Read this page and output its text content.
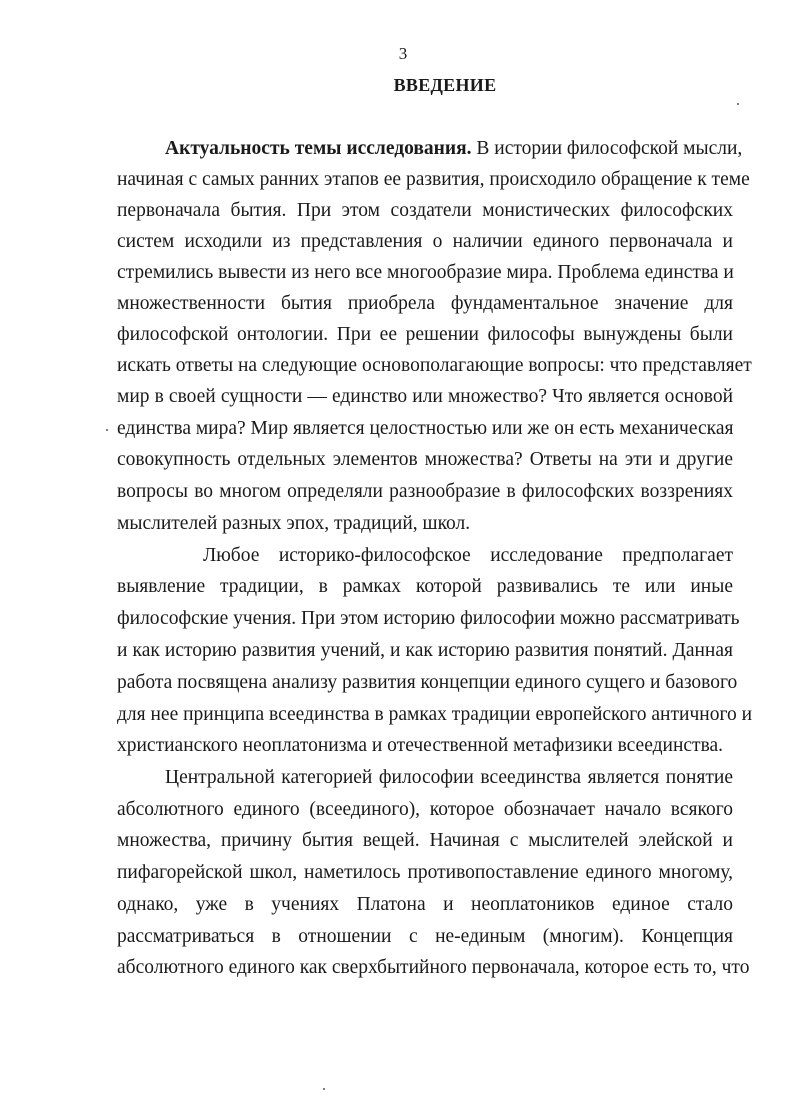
3
ВВЕДЕНИЕ
Актуальность темы исследования. В истории философской мысли,
начиная с самых ранних этапов ее развития, происходило обращение к теме
первоначала бытия. При этом создатели монистических философских
систем исходили из представления о наличии единого первоначала и
стремились вывести из него все многообразие мира. Проблема единства и
множественности бытия приобрела фундаментальное значение для
философской онтологии. При ее решении философы вынуждены были
искать ответы на следующие основополагающие вопросы: что представляет
мир в своей сущности — единство или множество? Что является основой
единства мира? Мир является целостностью или же он есть механическая
совокупность отдельных элементов множества? Ответы на эти и другие
вопросы во многом определяли разнообразие в философских воззрениях
мыслителей разных эпох, традиций, школ.
Любое историко-философское исследование предполагает
выявление традиции, в рамках которой развивались те или иные
философские учения. При этом историю философии можно рассматривать
и как историю развития учений, и как историю развития понятий. Данная
работа посвящена анализу развития концепции единого сущего и базового
для нее принципа всеединства в рамках традиции европейского античного и
христианского неоплатонизма и отечественной метафизики всеединства.
Центральной категорией философии всеединства является понятие
абсолютного единого (всеединого), которое обозначает начало всякого
множества, причину бытия вещей. Начиная с мыслителей элейской и
пифагорейской школ, наметилось противопоставление единого многому,
однако, уже в учениях Платона и неоплатоников единое стало
рассматриваться в отношении с не-единым (многим). Концепция
абсолютного единого как сверхбытийного первоначала, которое есть то, что
